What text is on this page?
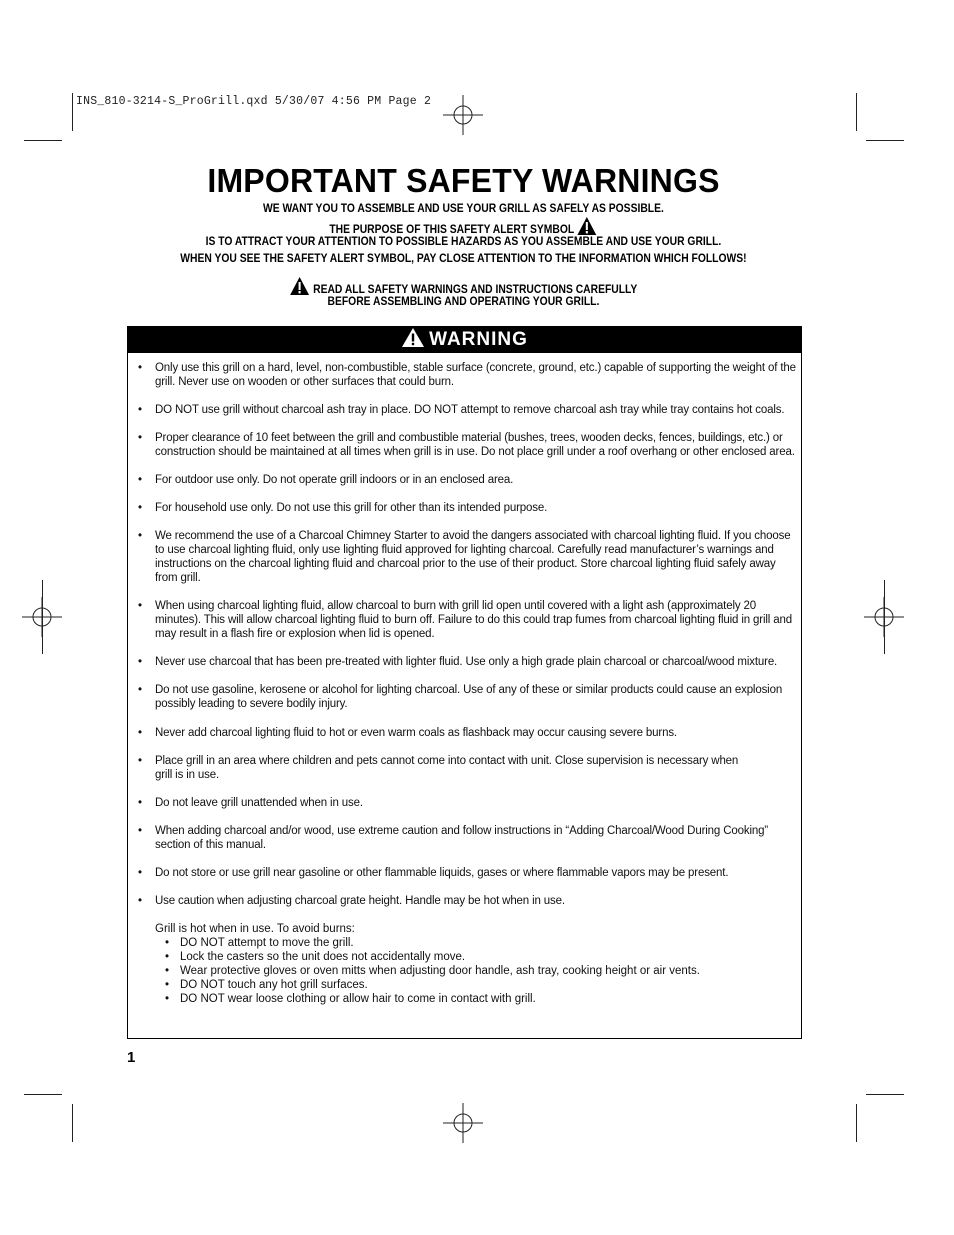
INS_810-3214-S_ProGrill.qxd 5/30/07 4:56 PM Page 2
IMPORTANT SAFETY WARNINGS
WE WANT YOU TO ASSEMBLE AND USE YOUR GRILL AS SAFELY AS POSSIBLE.
THE PURPOSE OF THIS SAFETY ALERT SYMBOL
IS TO ATTRACT YOUR ATTENTION TO POSSIBLE HAZARDS AS YOU ASSEMBLE AND USE YOUR GRILL.
WHEN YOU SEE THE SAFETY ALERT SYMBOL, PAY CLOSE ATTENTION TO THE INFORMATION WHICH FOLLOWS!
READ ALL SAFETY WARNINGS AND INSTRUCTIONS CAREFULLY
BEFORE ASSEMBLING AND OPERATING YOUR GRILL.
WARNING
• Only use this grill on a hard, level, non-combustible, stable surface (concrete, ground, etc.) capable of supporting the weight of the grill. Never use on wooden or other surfaces that could burn.
• DO NOT use grill without charcoal ash tray in place. DO NOT attempt to remove charcoal ash tray while tray contains hot coals.
• Proper clearance of 10 feet between the grill and combustible material (bushes, trees, wooden decks, fences, buildings, etc.) or construction should be maintained at all times when grill is in use. Do not place grill under a roof overhang or other enclosed area.
• For outdoor use only. Do not operate grill indoors or in an enclosed area.
• For household use only. Do not use this grill for other than its intended purpose.
• We recommend the use of a Charcoal Chimney Starter to avoid the dangers associated with charcoal lighting fluid. If you choose to use charcoal lighting fluid, only use lighting fluid approved for lighting charcoal. Carefully read manufacturer’s warnings and instructions on the charcoal lighting fluid and charcoal prior to the use of their product. Store charcoal lighting fluid safely away from grill.
• When using charcoal lighting fluid, allow charcoal to burn with grill lid open until covered with a light ash (approximately 20 minutes). This will allow charcoal lighting fluid to burn off. Failure to do this could trap fumes from charcoal lighting fluid in grill and may result in a flash fire or explosion when lid is opened.
• Never use charcoal that has been pre-treated with lighter fluid. Use only a high grade plain charcoal or charcoal/wood mixture.
• Do not use gasoline, kerosene or alcohol for lighting charcoal. Use of any of these or similar products could cause an explosion possibly leading to severe bodily injury.
• Never add charcoal lighting fluid to hot or even warm coals as flashback may occur causing severe burns.
• Place grill in an area where children and pets cannot come into contact with unit. Close supervision is necessary when grill is in use.
• Do not leave grill unattended when in use.
• When adding charcoal and/or wood, use extreme caution and follow instructions in “Adding Charcoal/Wood During Cooking” section of this manual.
• Do not store or use grill near gasoline or other flammable liquids, gases or where flammable vapors may be present.
• Use caution when adjusting charcoal grate height. Handle may be hot when in use.
Grill is hot when in use. To avoid burns:
• DO NOT attempt to move the grill.
• Lock the casters so the unit does not accidentally move.
• Wear protective gloves or oven mitts when adjusting door handle, ash tray, cooking height or air vents.
• DO NOT touch any hot grill surfaces.
• DO NOT wear loose clothing or allow hair to come in contact with grill.
1
